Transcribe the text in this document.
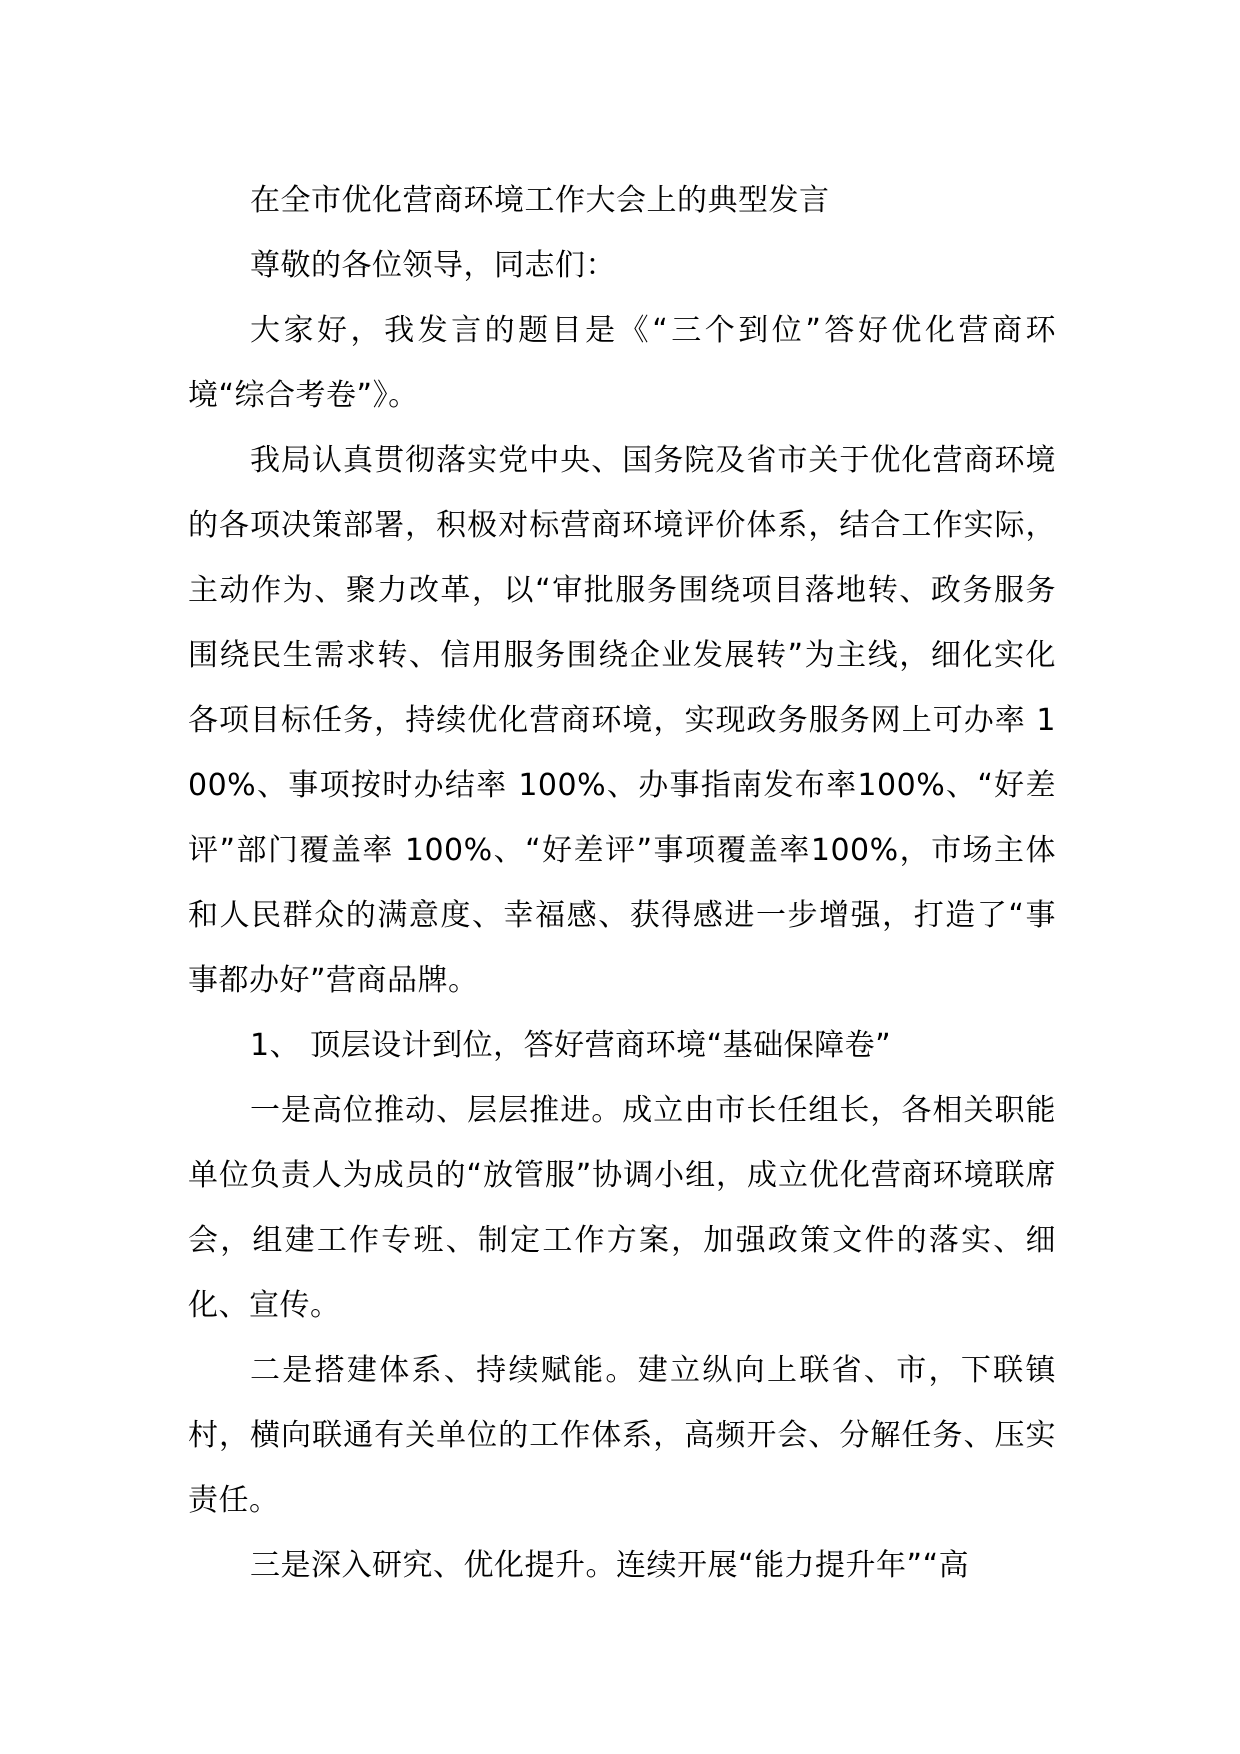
在全市优化营商环境工作大会上的典型发言

尊敬的各位领导，同志们：

大家好，我发言的题目是《“三个到位”答好优化营商环境“综合考卷”》。

我局认真贯彻落实党中央、国务院及省市关于优化营商环境的各项决策部署，积极对标营商环境评价体系，结合工作实际，主动作为、聚力改革，以“审批服务围绕项目落地转、政务服务围绕民生需求转、信用服务围绕企业发展转”为主线，细化实化各项目标任务，持续优化营商环境，实现政务服务网上可办率 100%、事项按时办结率 100%、办事指南发布率100%、“好差评”部门覆盖率 100%、“好差评”事项覆盖率100%，市场主体和人民群众的满意度、幸福感、获得感进一步增强，打造了“事事都办好”营商品牌。

1、 顶层设计到位，答好营商环境“基础保障卷”

一是高位推动、层层推进。成立由市长任组长，各相关职能单位负责人为成员的“放管服”协调小组，成立优化营商环境联席会，组建工作专班、制定工作方案，加强政策文件的落实、细化、宣传。

二是搭建体系、持续赋能。建立纵向上联省、市，下联镇村，横向联通有关单位的工作体系，高频开会、分解任务、压实责任。

三是深入研究、优化提升。连续开展“能力提升年”“高
